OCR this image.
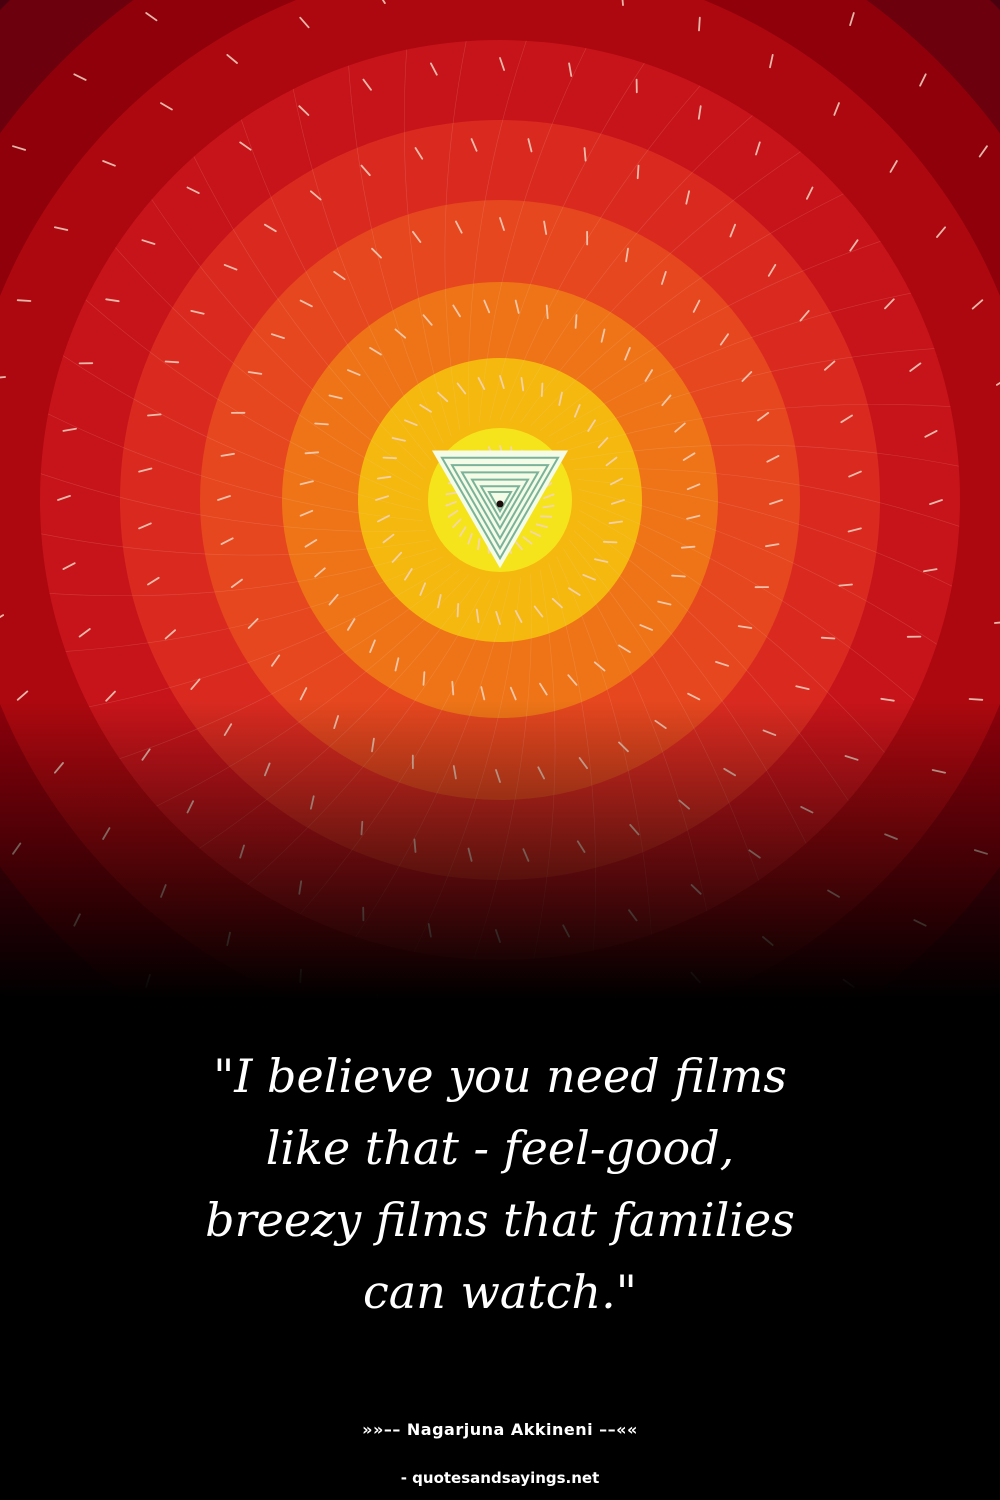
"I believe you need films
like that - feel-good,
breezy films that families
can watch."

»»–– Nagarjuna Akkineni ––««

- quotesandsayings.net
